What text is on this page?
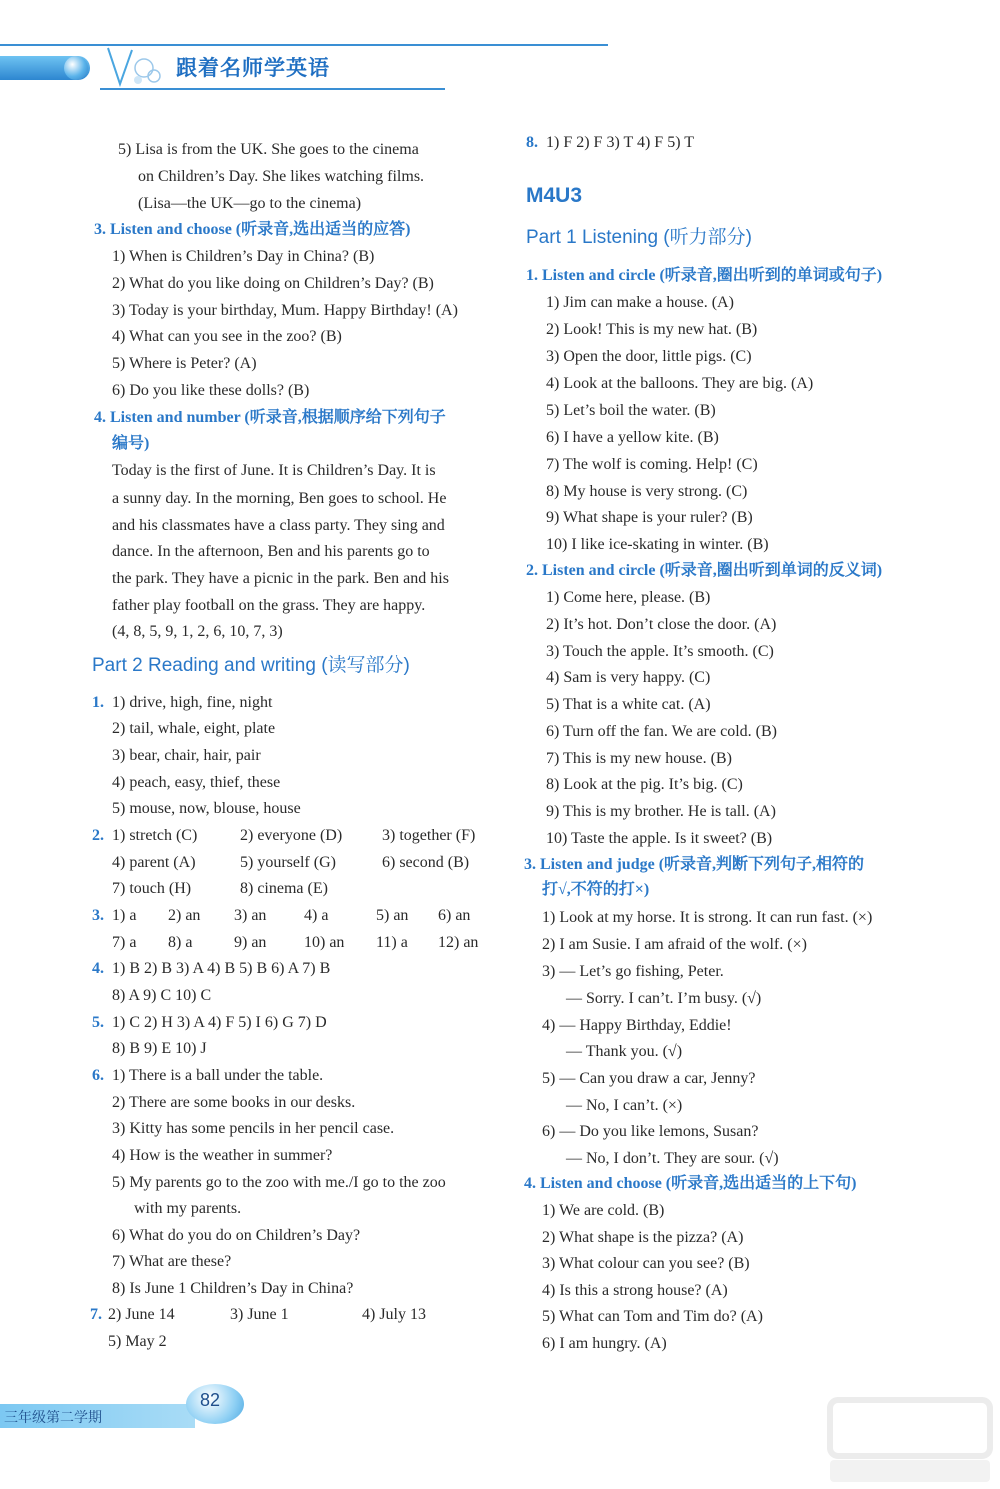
跟着名师学英语
5) Lisa is from the UK. She goes to the cinema
on Children’s Day. She likes watching films.
(Lisa—the UK—go to the cinema)
3. Listen and choose (听录音,选出适当的应答)
1) When is Children’s Day in China? (B)
2) What do you like doing on Children’s Day? (B)
3) Today is your birthday, Mum. Happy Birthday! (A)
4) What can you see in the zoo? (B)
5) Where is Peter? (A)
6) Do you like these dolls? (B)
4. Listen and number (听录音,根据顺序给下列句子
编号)
Today is the first of June. It is Children’s Day. It is
a sunny day. In the morning, Ben goes to school. He
and his classmates have a class party. They sing and
dance. In the afternoon, Ben and his parents go to
the park. They have a picnic in the park. Ben and his
father play football on the grass. They are happy.
(4, 8, 5, 9, 1, 2, 6, 10, 7, 3)
Part 2 Reading and writing (读写部分)
1. 1) drive, high, fine, night
2) tail, whale, eight, plate
3) bear, chair, hair, pair
4) peach, easy, thief, these
5) mouse, now, blouse, house
2. 1) stretch (C)	2) everyone (D) 3) together (F)
4) parent (A)	5) yourself (G)	6) second (B)
7) touch (H)	8) cinema (E)
3. 1) a 2) an 3) an 4) a	5) an 6) an
7) a 8) a	9) an 10) an 11) a 12) an
4. 1) B 2) B 3) A 4) B 5) B 6) A 7) B
8) A 9) C 10) C
5. 1) C 2) H 3) A 4) F 5) I 6) G 7) D
8) B 9) E 10) J
6. 1) There is a ball under the table.
2) There are some books in our desks.
3) Kitty has some pencils in her pencil case.
4) How is the weather in summer?
5) My parents go to the zoo with me./I go to the zoo
with my parents.
6) What do you do on Children’s Day?
7) What are these?
8) Is June 1 Children’s Day in China?
7. 2) June 14	3) June 1	4) July 13
5) May 2
8. 1) F 2) F 3) T 4) F 5) T
M4U3
Part 1 Listening (听力部分)
1. Listen and circle (听录音,圈出听到的单词或句子)
1) Jim can make a house. (A)
2) Look! This is my new hat. (B)
3) Open the door, little pigs. (C)
4) Look at the balloons. They are big. (A)
5) Let’s boil the water. (B)
6) I have a yellow kite. (B)
7) The wolf is coming. Help! (C)
8) My house is very strong. (C)
9) What shape is your ruler? (B)
10) I like ice-skating in winter. (B)
2. Listen and circle (听录音,圈出听到单词的反义词)
1) Come here, please. (B)
2) It’s hot. Don’t close the door. (A)
3) Touch the apple. It’s smooth. (C)
4) Sam is very happy. (C)
5) That is a white cat. (A)
6) Turn off the fan. We are cold. (B)
7) This is my new house. (B)
8) Look at the pig. It’s big. (C)
9) This is my brother. He is tall. (A)
10) Taste the apple. Is it sweet? (B)
3. Listen and judge (听录音,判断下列句子,相符的
打√,不符的打×)
1) Look at my horse. It is strong. It can run fast. (×)
2) I am Susie. I am afraid of the wolf. (×)
3) — Let’s go fishing, Peter.
— Sorry. I can’t. I’m busy. (√)
4) — Happy Birthday, Eddie!
— Thank you. (√)
5) — Can you draw a car, Jenny?
— No, I can’t. (×)
6) — Do you like lemons, Susan?
— No, I don’t. They are sour. (√)
4. Listen and choose (听录音,选出适当的上下句)
1) We are cold. (B)
2) What shape is the pizza? (A)
3) What colour can you see? (B)
4) Is this a strong house? (A)
5) What can Tom and Tim do? (A)
6) I am hungry. (A)
三年级第二学期
82
